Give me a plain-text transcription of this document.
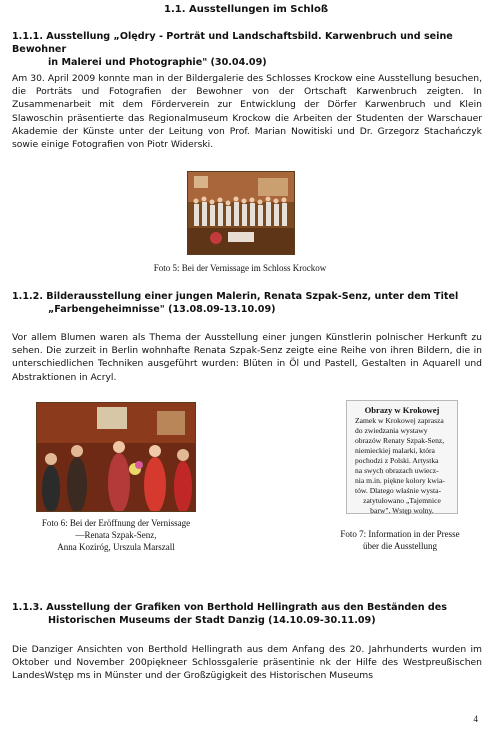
1.1. Ausstellungen im Schloß
1.1.1. Ausstellung „Olędry - Porträt und Landschaftsbild. Karwenbruch und seine Bewohner
in Malerei und Photographie" (30.04.09)
Am 30. April 2009 konnte man in der Bildergalerie des Schlosses Krockow eine Ausstellung besuchen, die Porträts und Fotografien der Bewohner von der Ortschaft Karwenbruch zeigten. In Zusammenarbeit mit dem Förderverein zur Entwicklung der Dörfer Karwenbruch und Klein Slawoschin präsentierte das Regionalmuseum Krockow die Arbeiten der Studenten der Warschauer Akademie der Künste unter der Leitung von Prof. Marian Nowitiski und Dr. Grzegorz Stachańczyk sowie einige Fotografien von Piotr Widerski.
Foto 5: Bei der Vernissage im Schloss Krockow
1.1.2. Bilderausstellung einer jungen Malerin, Renata Szpak-Senz, unter dem Titel
„Farbengeheimnisse" (13.08.09-13.10.09)
Vor allem Blumen waren als Thema der Ausstellung einer jungen Künstlerin polnischer Herkunft zu sehen. Die zurzeit in Berlin wohnhafte Renata Szpak-Senz zeigte eine Reihe von ihren Bildern, die in unterschiedlichen Techniken ausgeführt wurden: Blüten in Öl und Pastell, Gestalten in Aquarell und Abstraktionen in Acryl.
Foto 6: Bei der Eröffnung der Vernissage
—Renata Szpak-Senz,
Anna Koziróg, Urszula Marszall
Obrazy w Krokowej
Zamek w Krokowej zaprasza
do zwiedzania wystawy
obrazów Renaty Szpak-Senz,
niemieckiej malarki, która
pochodzi z Polski. Artystka
na swych obrazach uwiecz-
nia m.in. piękne kolory kwia-
tów. Dlatego właśnie wysta-
zatytułowano „Tajemnice
barw". Wstęp wolny.
Foto 7: Information in der Presse
über die Ausstellung
1.1.3. Ausstellung der Grafiken von Berthold Hellingrath aus den Beständen des
Historischen Museums der Stadt Danzig (14.10.09-30.11.09)
Die Danziger Ansichten von Berthold Hellingrath aus dem Anfang des 20. Jahrhunderts wurden im Oktober und November 200pięknеer Schlossgalerie präsentinie nk der Hilfe des Westpreußischen LandesWstęp ms in Münster und der Großzügigkeit des Historischen Museums
4
